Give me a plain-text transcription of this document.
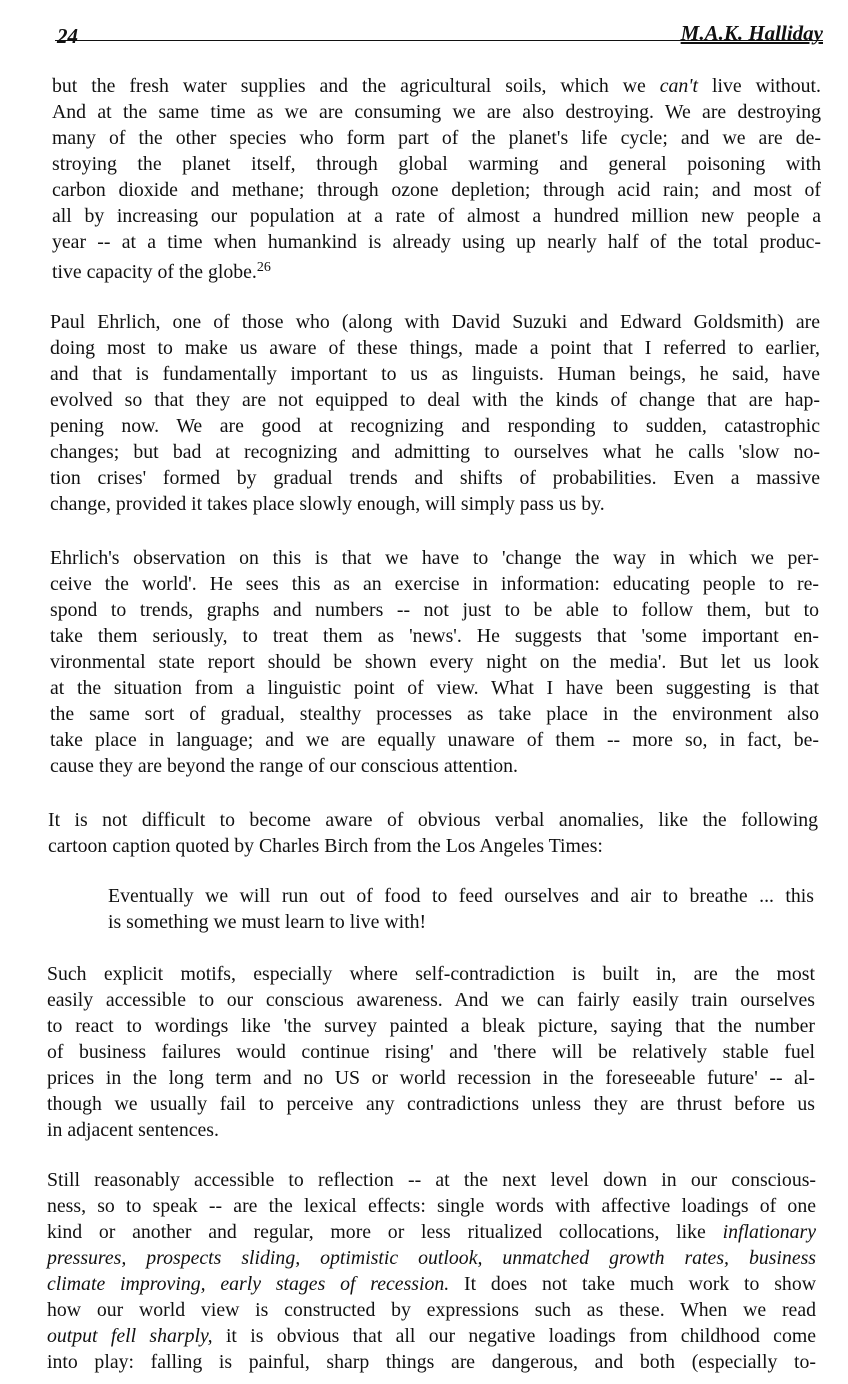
24	M.A.K. Halliday
but the fresh water supplies and the agricultural soils, which we can't live without.
And at the same time as we are consuming we are also destroying. We are destroying
many of the other species who form part of the planet's life cycle; and we are de-
stroying the planet itself, through global warming and general poisoning with
carbon dioxide and methane; through ozone depletion; through acid rain; and most of
all by increasing our population at a rate of almost a hundred million new people a
year -- at a time when humankind is already using up nearly half of the total produc-
tive capacity of the globe.$^{26}$
Paul Ehrlich, one of those who (along with David Suzuki and Edward Goldsmith) are
doing most to make us aware of these things, made a point that I referred to earlier,
and that is fundamentally important to us as linguists. Human beings, he said, have
evolved so that they are not equipped to deal with the kinds of change that are hap-
pening now. We are good at recognizing and responding to sudden, catastrophic
changes; but bad at recognizing and admitting to ourselves what he calls 'slow no-
tion crises' formed by gradual trends and shifts of probabilities. Even a massive
change, provided it takes place slowly enough, will simply pass us by.
Ehrlich's observation on this is that we have to 'change the way in which we per-
ceive the world'. He sees this as an exercise in information: educating people to re-
spond to trends, graphs and numbers -- not just to be able to follow them, but to
take them seriously, to treat them as 'news'. He suggests that 'some important en-
vironmental state report should be shown every night on the media'. But let us look
at the situation from a linguistic point of view. What I have been suggesting is that
the same sort of gradual, stealthy processes as take place in the environment also
take place in language; and we are equally unaware of them -- more so, in fact, be-
cause they are beyond the range of our conscious attention.
It is not difficult to become aware of obvious verbal anomalies, like the following
cartoon caption quoted by Charles Birch from the Los Angeles Times:
Eventually we will run out of food to feed ourselves and air to breathe ... this
is something we must learn to live with!
Such explicit motifs, especially where self-contradiction is built in, are the most
easily accessible to our conscious awareness. And we can fairly easily train ourselves
to react to wordings like 'the survey painted a bleak picture, saying that the number
of business failures would continue rising' and 'there will be relatively stable fuel
prices in the long term and no US or world recession in the foreseeable future' -- al-
though we usually fail to perceive any contradictions unless they are thrust before us
in adjacent sentences.
Still reasonably accessible to reflection -- at the next level down in our conscious-
ness, so to speak -- are the lexical effects: single words with affective loadings of one
kind or another and regular, more or less ritualized collocations, like inflationary
pressures, prospects sliding, optimistic outlook, unmatched growth rates, business
climate improving, early stages of recession. It does not take much work to show
how our world view is constructed by expressions such as these. When we read
output fell sharply, it is obvious that all our negative loadings from childhood come
into play: falling is painful, sharp things are dangerous, and both (especially to-
